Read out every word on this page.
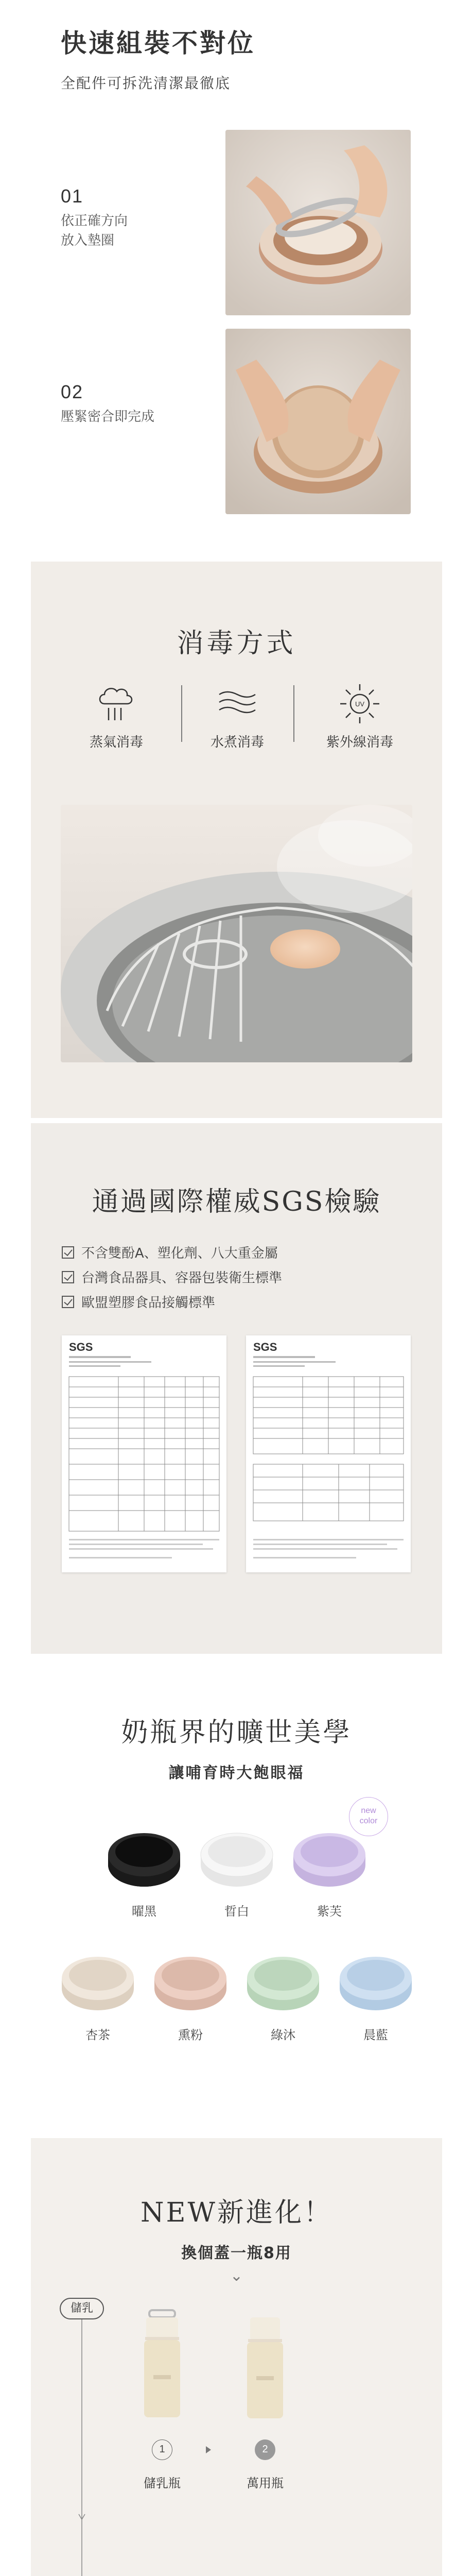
快速組裝不對位
全配件可拆洗清潔最徹底
01
依正確方向
放入墊圈
02
壓緊密合即完成
消毒方式
蒸氣消毒	水煮消毒
UV
紫外線消毒
通過國際權威SGS檢驗
不含雙酚A、塑化劑、八大重金屬
台灣食品器具、容器包裝衛生標準
歐盟塑膠食品接觸標準
SGS	SGS
奶瓶界的曠世美學
讓哺育時大飽眼福
new
color
曜黑	晢白	紫芙
杏茶	熏粉	綠沐	晨藍
NEW新進化！
換個蓋一瓶8用
⌄
儲乳
1	2
儲乳瓶	萬用瓶
